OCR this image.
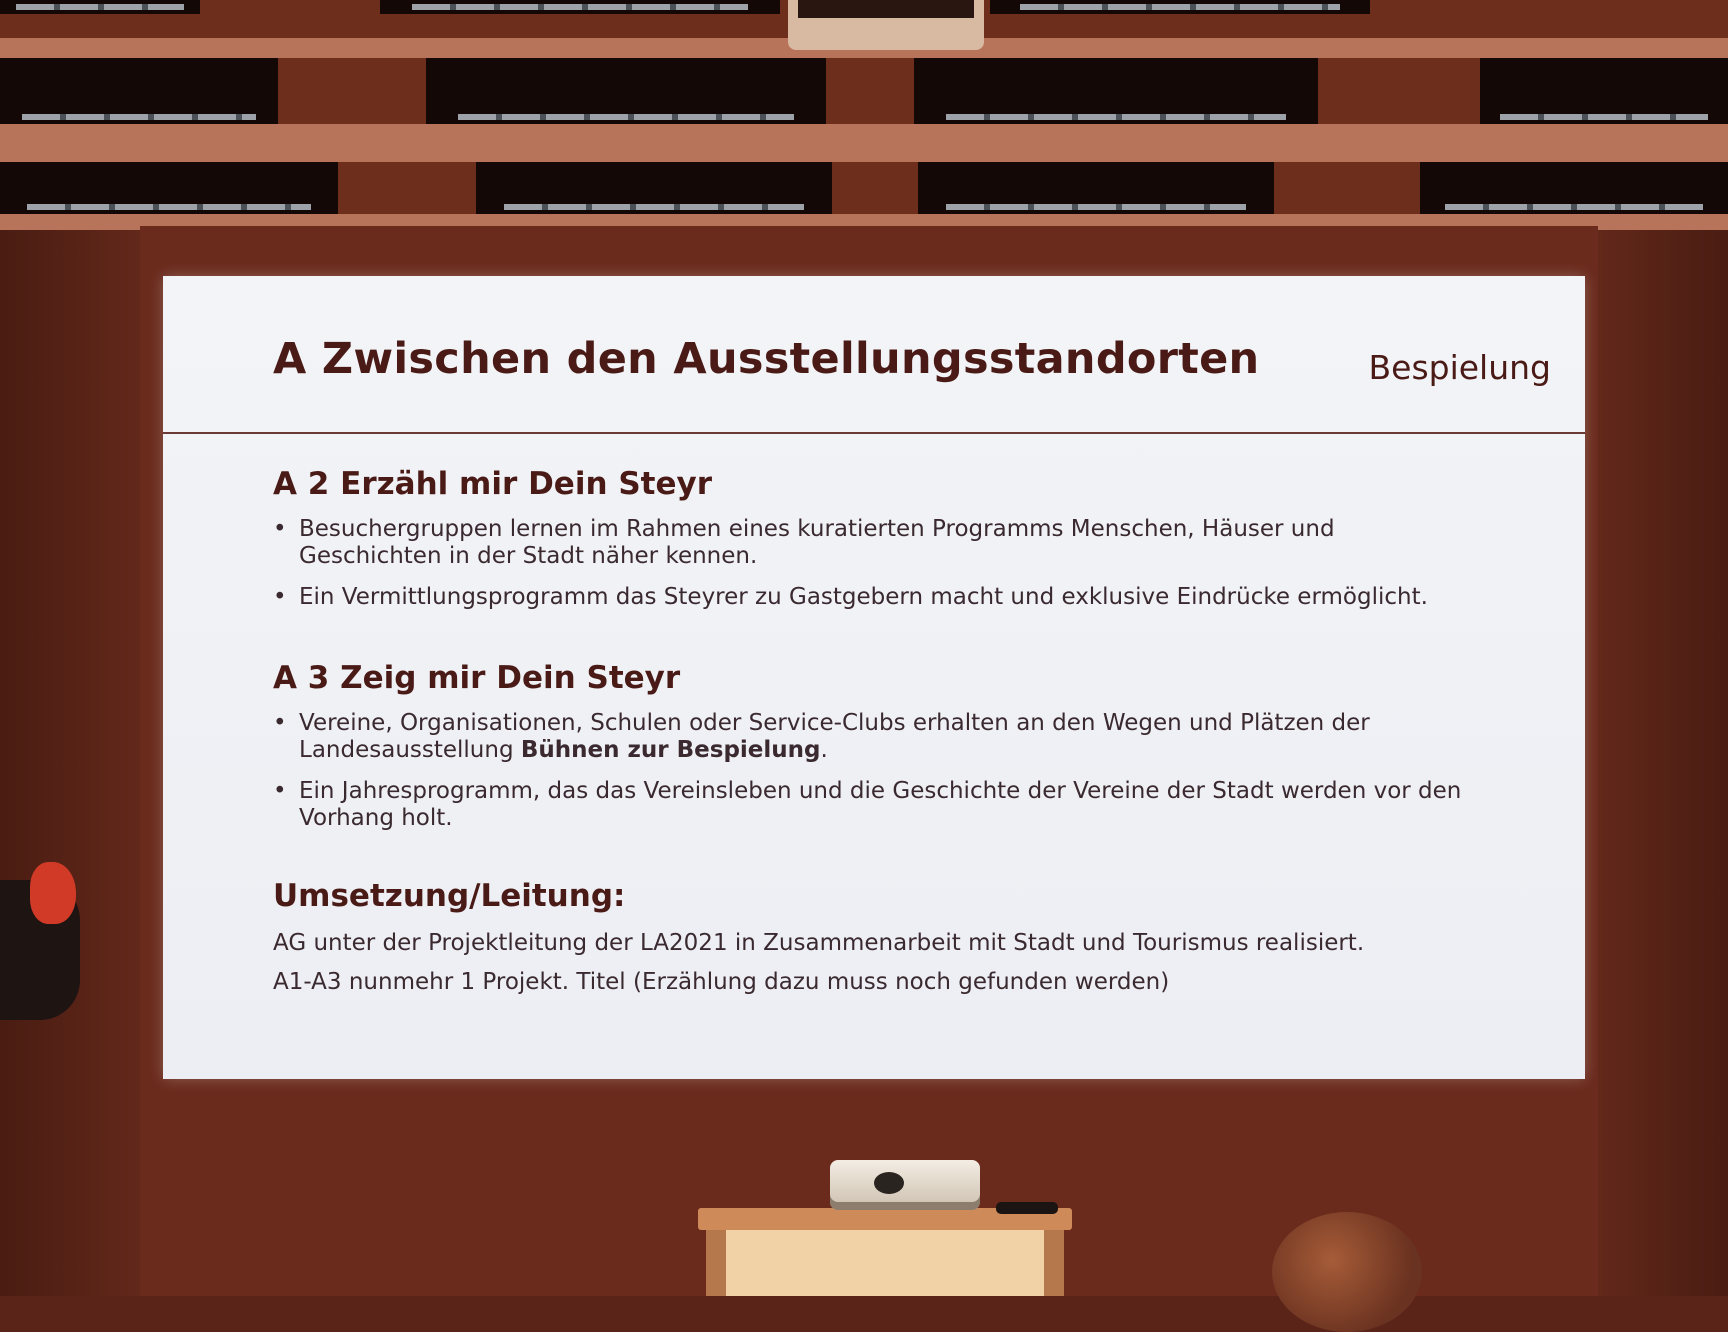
A Zwischen den Ausstellungsstandorten	Bespielung
A 2 Erzähl mir Dein Steyr
• Besuchergruppen lernen im Rahmen eines kuratierten Programms Menschen, Häuser und Geschichten in der Stadt näher kennen.
• Ein Vermittlungsprogramm das Steyrer zu Gastgebern macht und exklusive Eindrücke ermöglicht.
A 3 Zeig mir Dein Steyr
• Vereine, Organisationen, Schulen oder Service-Clubs erhalten an den Wegen und Plätzen der Landesausstellung Bühnen zur Bespielung.
• Ein Jahresprogramm, das das Vereinsleben und die Geschichte der Vereine der Stadt werden vor den Vorhang holt.
Umsetzung/Leitung:
AG unter der Projektleitung der LA2021 in Zusammenarbeit mit Stadt und Tourismus realisiert.
A1-A3 nunmehr 1 Projekt. Titel (Erzählung dazu muss noch gefunden werden)
